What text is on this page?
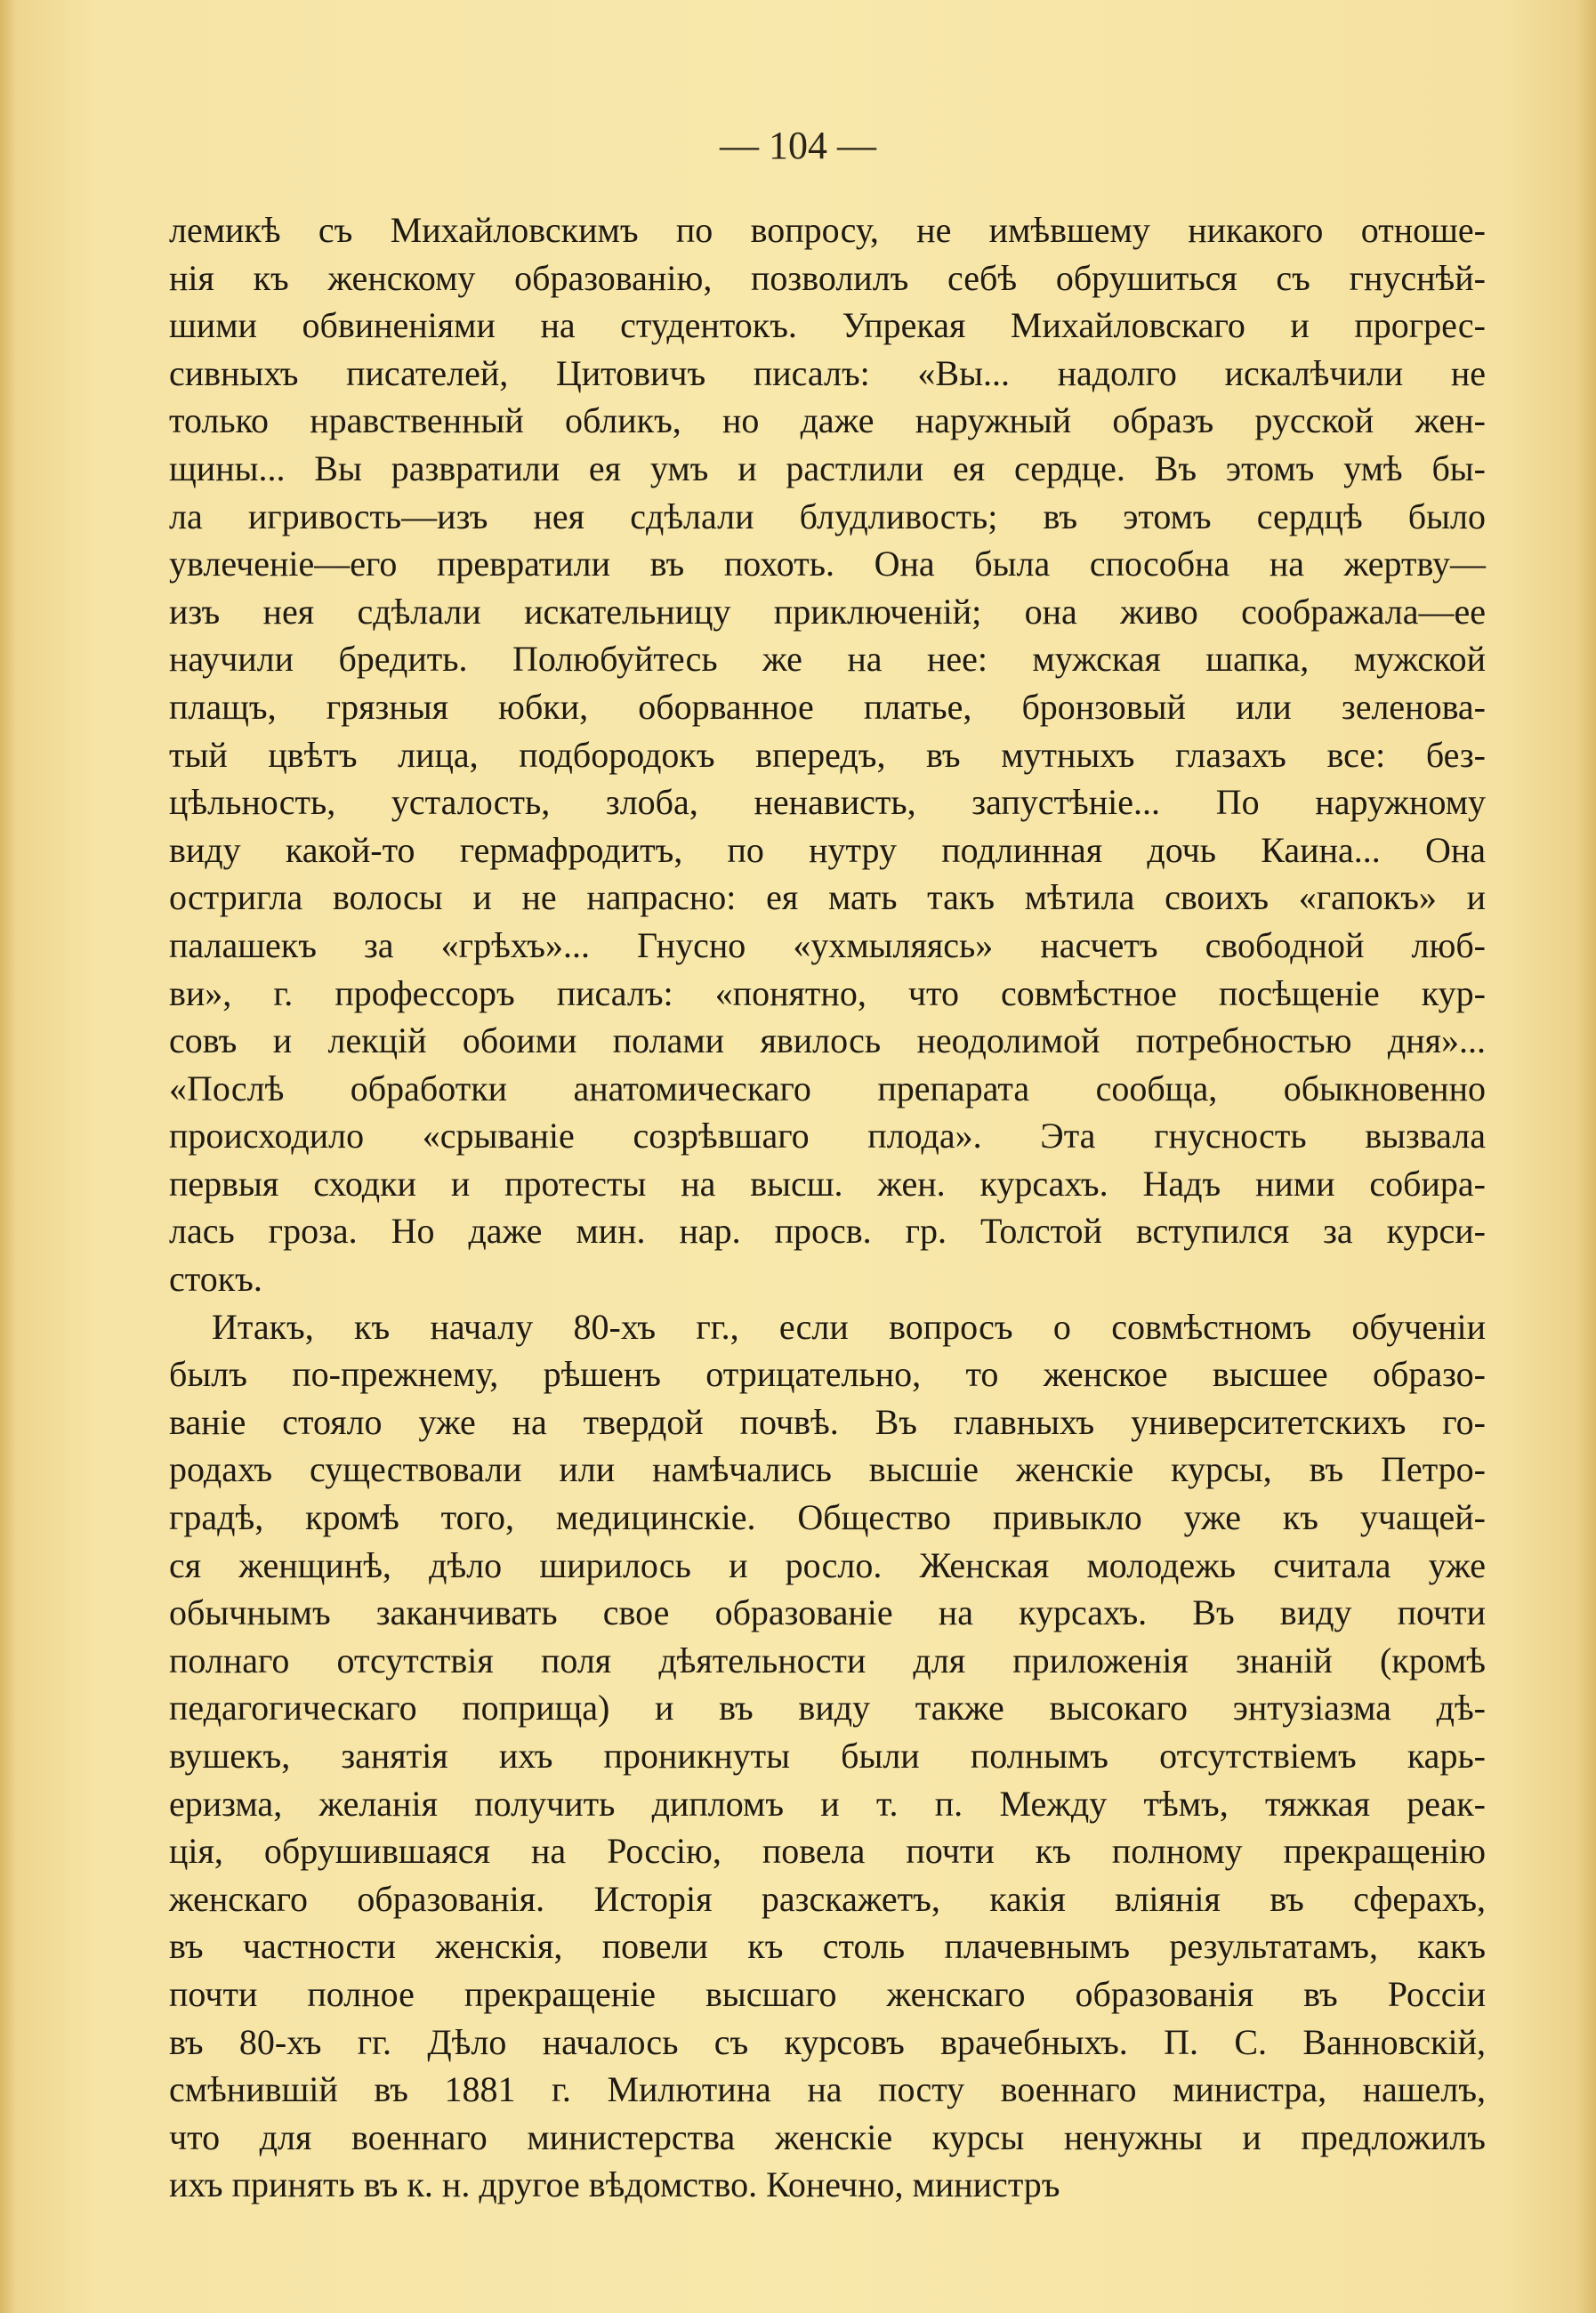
— 104 —
лемикѣ съ Михайловскимъ по вопросу, не имѣвшему никакого отноше-
нія къ женскому образованію, позволилъ себѣ обрушиться съ гнуснѣй-
шими обвиненіями на студентокъ. Упрекая Михайловскаго и прогрес-
сивныхъ писателей, Цитовичъ писалъ: «Вы... надолго искалѣчили не
только нравственный обликъ, но даже наружный образъ русской жен-
щины... Вы развратили ея умъ и растлили ея сердце. Въ этомъ умѣ бы-
ла игривость—изъ нея сдѣлали блудливость; въ этомъ сердцѣ было
увлеченіе—его превратили въ похоть. Она была способна на жертву—
изъ нея сдѣлали искательницу приключеній; она живо соображала—ее
научили бредить. Полюбуйтесь же на нее: мужская шапка, мужской
плащъ, грязныя юбки, оборванное платье, бронзовый или зеленова-
тый цвѣтъ лица, подбородокъ впередъ, въ мутныхъ глазахъ все: без-
цѣльность, усталость, злоба, ненависть, запустѣніе... По наружному
виду какой-то гермафродитъ, по нутру подлинная дочь Каина... Она
остригла волосы и не напрасно: ея мать такъ мѣтила своихъ «гапокъ» и
палашекъ за «грѣхъ»... Гнусно «ухмыляясь» насчетъ свободной люб-
ви», г. профессоръ писалъ: «понятно, что совмѣстное посѣщеніе кур-
совъ и лекцій обоими полами явилось неодолимой потребностью дня»...
«Послѣ обработки анатомическаго препарата сообща, обыкновенно
происходило «срываніе созрѣвшаго плода». Эта гнусность вызвала
первыя сходки и протесты на высш. жен. курсахъ. Надъ ними собира-
лась гроза. Но даже мин. нар. просв. гр. Толстой вступился за курси-
стокъ.
Итакъ, къ началу 80-хъ гг., если вопросъ о совмѣстномъ обученіи
былъ по-прежнему, рѣшенъ отрицательно, то женское высшее образо-
ваніе стояло уже на твердой почвѣ. Въ главныхъ университетскихъ го-
родахъ существовали или намѣчались высшіе женскіе курсы, въ Петро-
градѣ, кромѣ того, медицинскіе. Общество привыкло уже къ учащей-
ся женщинѣ, дѣло ширилось и росло. Женская молодежь считала уже
обычнымъ заканчивать свое образованіе на курсахъ. Въ виду почти
полнаго отсутствія поля дѣятельности для приложенія знаній (кромѣ
педагогическаго поприща) и въ виду также высокаго энтузіазма дѣ-
вушекъ, занятія ихъ проникнуты были полнымъ отсутствіемъ карь-
еризма, желанія получить дипломъ и т. п. Между тѣмъ, тяжкая реак-
ція, обрушившаяся на Россію, повела почти къ полному прекращенію
женскаго образованія. Исторія разскажетъ, какія вліянія въ сферахъ,
въ частности женскія, повели къ столь плачевнымъ результатамъ, какъ
почти полное прекращеніе высшаго женскаго образованія въ Россіи
въ 80-хъ гг. Дѣло началось съ курсовъ врачебныхъ. П. С. Ванновскій,
смѣнившій въ 1881 г. Милютина на посту военнаго министра, нашелъ,
что для военнаго министерства женскіе курсы ненужны и предложилъ
ихъ принять въ к. н. другое вѣдомство. Конечно, министръ
